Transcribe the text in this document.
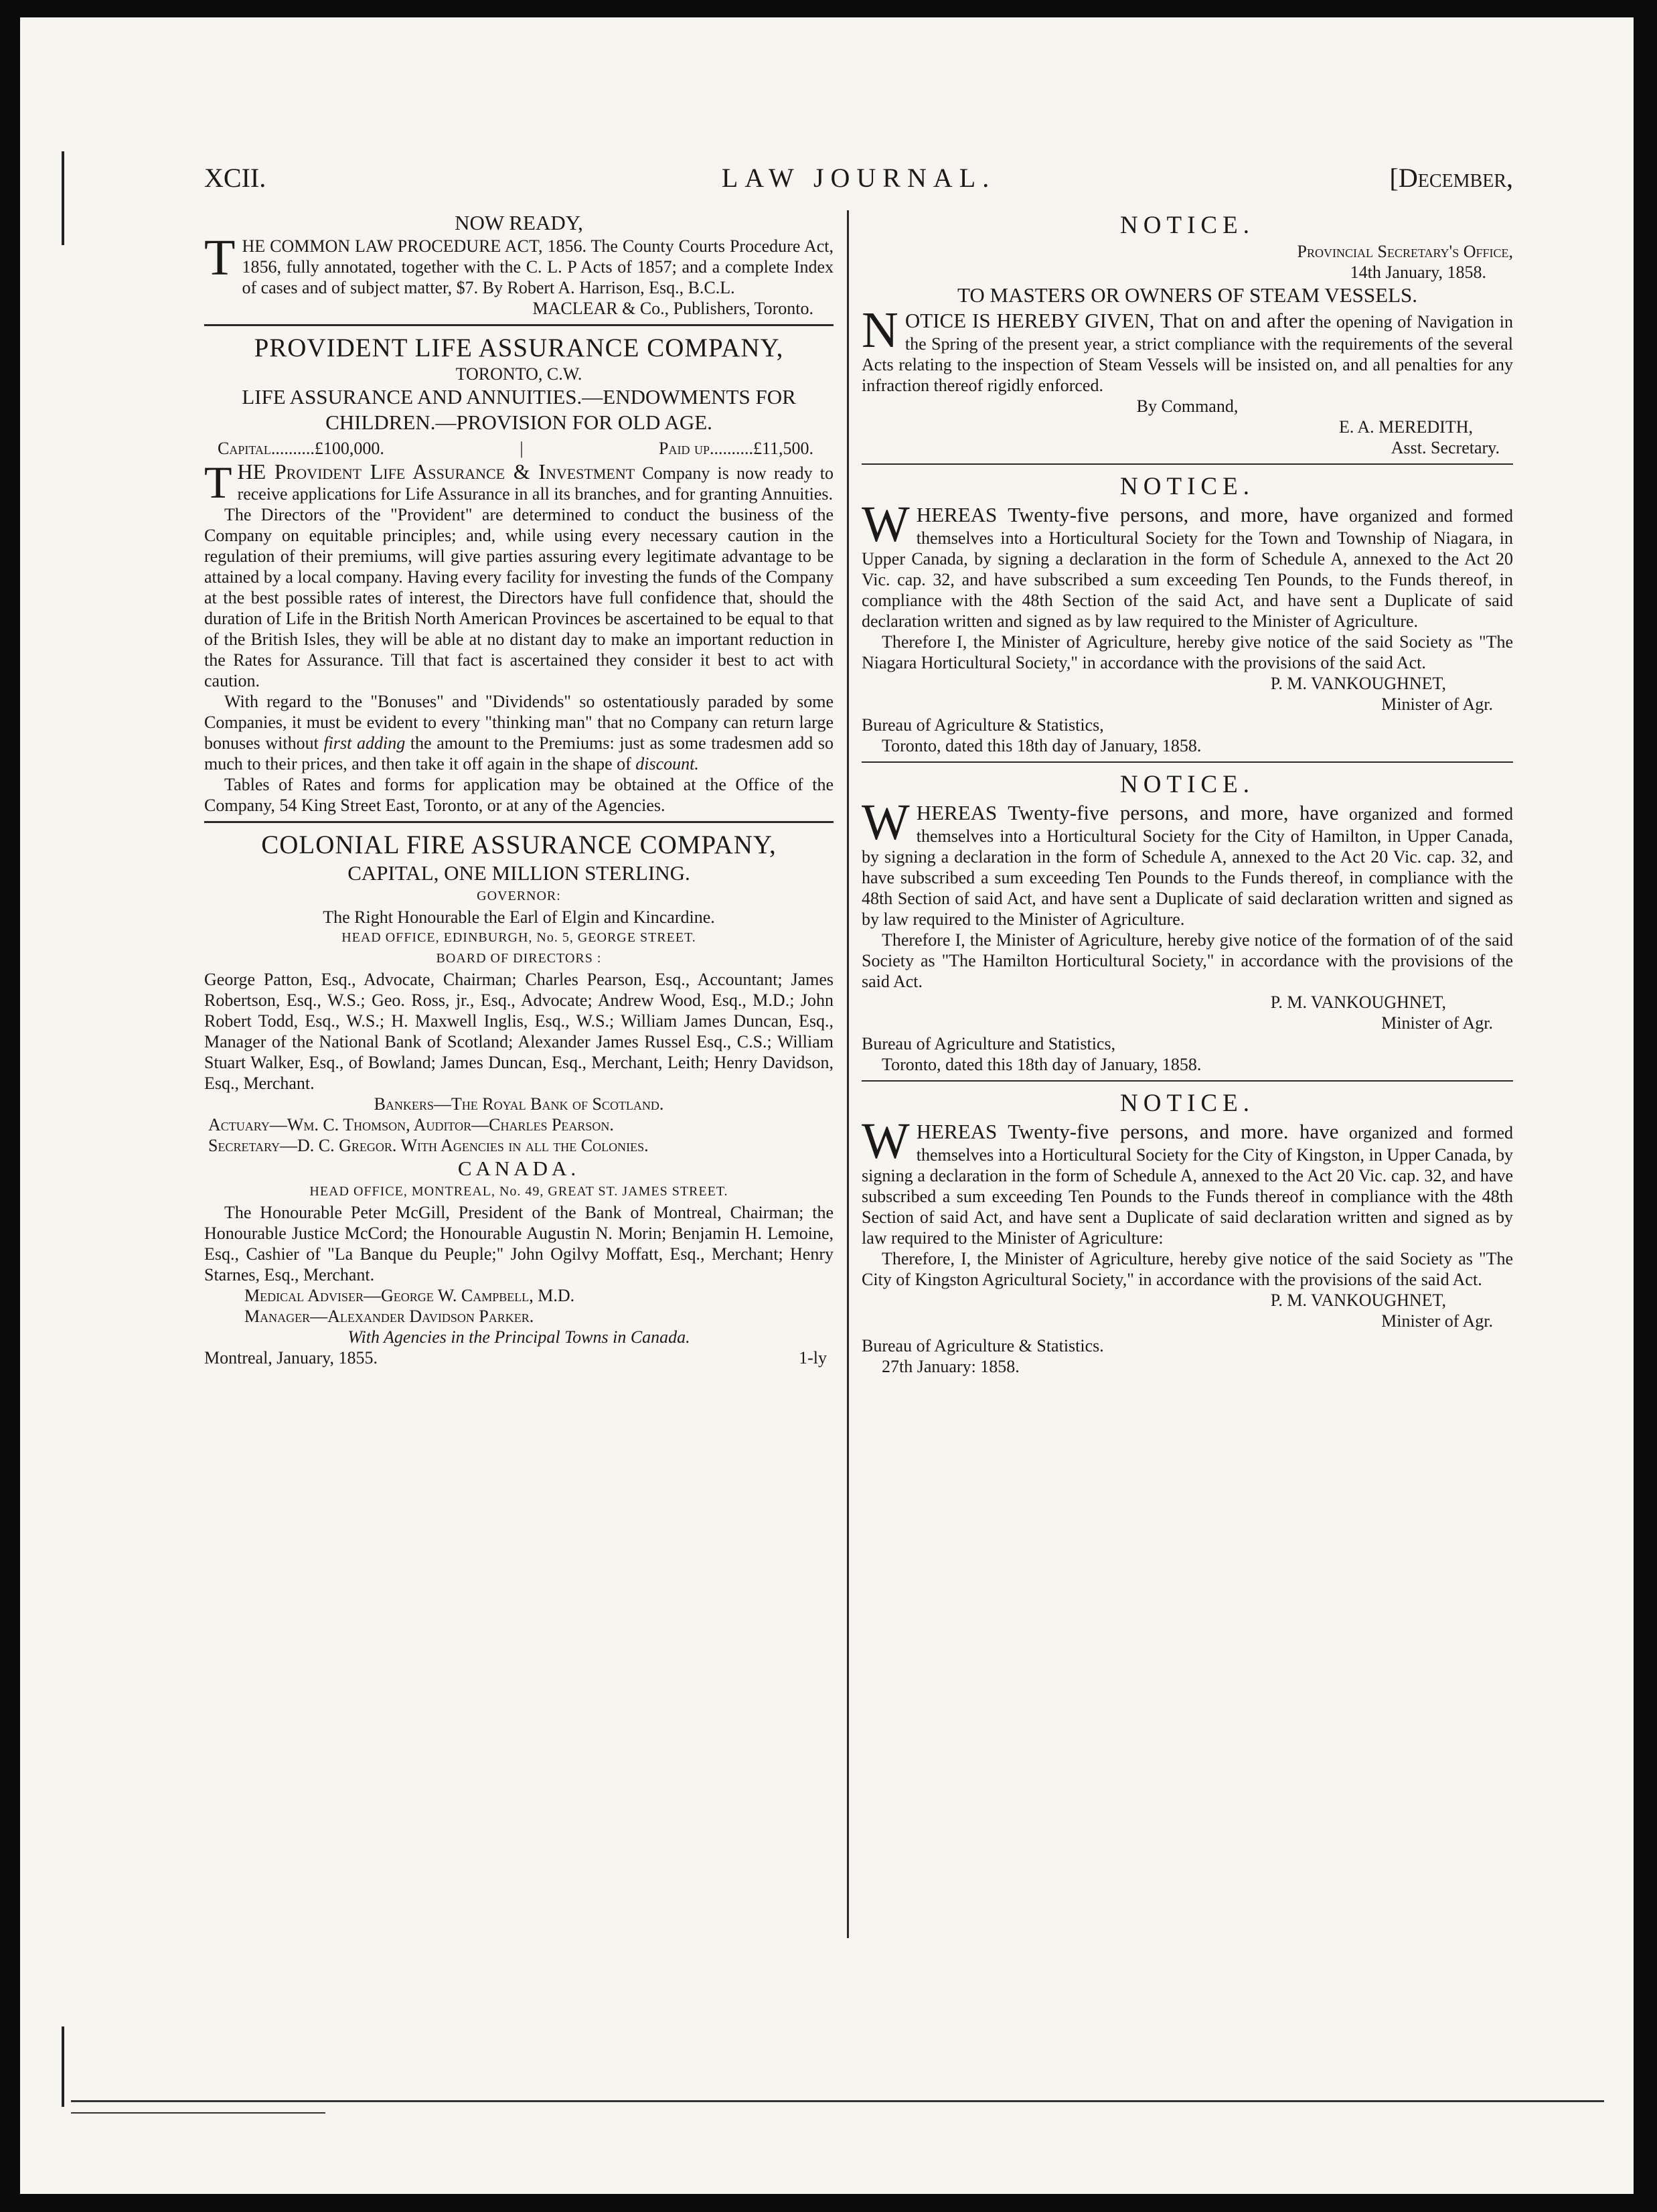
XCII.	LAW JOURNAL.	[December,

NOW READY,

THE COMMON LAW PROCEDURE ACT, 1856. The County Courts Procedure Act, 1856, fully annotated, together with the C. L. P Acts of 1857; and a complete Index of cases and of subject matter, $7. By Robert A. Harrison, Esq., B.C.L.

MACLEAR & Co., Publishers, Toronto.

PROVIDENT LIFE ASSURANCE COMPANY,

TORONTO, C.W.

LIFE ASSURANCE AND ANNUITIES.—ENDOWMENTS FOR CHILDREN.—PROVISION FOR OLD AGE.

Capital..........£100,000.	|	Paid up..........£11,500.

THE Provident Life Assurance & Investment Company is now ready to receive applications for Life Assurance in all its branches, and for granting Annuities.

The Directors of the "Provident" are determined to conduct the business of the Company on equitable principles; and, while using every necessary caution in the regulation of their premiums, will give parties assuring every legitimate advantage to be attained by a local company. Having every facility for investing the funds of the Company at the best possible rates of interest, the Directors have full confidence that, should the duration of Life in the British North American Provinces be ascertained to be equal to that of the British Isles, they will be able at no distant day to make an important reduction in the Rates for Assurance. Till that fact is ascertained they consider it best to act with caution.

With regard to the "Bonuses" and "Dividends" so ostentatiously paraded by some Companies, it must be evident to every "thinking man" that no Company can return large bonuses without first adding the amount to the Premiums: just as some tradesmen add so much to their prices, and then take it off again in the shape of discount.

Tables of Rates and forms for application may be obtained at the Office of the Company, 54 King Street East, Toronto, or at any of the Agencies.

COLONIAL FIRE ASSURANCE COMPANY,

CAPITAL, ONE MILLION STERLING.

GOVERNOR:

The Right Honourable the Earl of Elgin and Kincardine.

HEAD OFFICE, EDINBURGH, No. 5, GEORGE STREET.

BOARD OF DIRECTORS :

George Patton, Esq., Advocate, Chairman; Charles Pearson, Esq., Accountant; James Robertson, Esq., W.S.; Geo. Ross, jr., Esq., Advocate; Andrew Wood, Esq., M.D.; John Robert Todd, Esq., W.S.; H. Maxwell Inglis, Esq., W.S.; William James Duncan, Esq., Manager of the National Bank of Scotland; Alexander James Russel Esq., C.S.; William Stuart Walker, Esq., of Bowland; James Duncan, Esq., Merchant, Leith; Henry Davidson, Esq., Merchant.

Bankers—The Royal Bank of Scotland.

Actuary—Wm. C. Thomson, Auditor—Charles Pearson.

Secretary—D. C. Gregor. With Agencies in all the Colonies.

CANADA.

HEAD OFFICE, MONTREAL, No. 49, GREAT ST. JAMES STREET.

The Honourable Peter McGill, President of the Bank of Montreal, Chairman; the Honourable Justice McCord; the Honourable Augustin N. Morin; Benjamin H. Lemoine, Esq., Cashier of "La Banque du Peuple;" John Ogilvy Moffatt, Esq., Merchant; Henry Starnes, Esq., Merchant.

Medical Adviser—George W. Campbell, M.D.

Manager—Alexander Davidson Parker.

With Agencies in the Principal Towns in Canada.

Montreal, January, 1855.	1-ly

NOTICE.

Provincial Secretary's Office,

14th January, 1858.

TO MASTERS OR OWNERS OF STEAM VESSELS.

NOTICE IS HEREBY GIVEN, That on and after the opening of Navigation in the Spring of the present year, a strict compliance with the requirements of the several Acts relating to the inspection of Steam Vessels will be insisted on, and all penalties for any infraction thereof rigidly enforced.

By Command,

E. A. MEREDITH,

Asst. Secretary.

NOTICE.

WHEREAS Twenty-five persons, and more, have organized and formed themselves into a Horticultural Society for the Town and Township of Niagara, in Upper Canada, by signing a declaration in the form of Schedule A, annexed to the Act 20 Vic. cap. 32, and have subscribed a sum exceeding Ten Pounds, to the Funds thereof, in compliance with the 48th Section of the said Act, and have sent a Duplicate of said declaration written and signed as by law required to the Minister of Agriculture.

Therefore I, the Minister of Agriculture, hereby give notice of the said Society as "The Niagara Horticultural Society," in accordance with the provisions of the said Act.

P. M. VANKOUGHNET,

Minister of Agr.

Bureau of Agriculture & Statistics,

Toronto, dated this 18th day of January, 1858.

NOTICE.

WHEREAS Twenty-five persons, and more, have organized and formed themselves into a Horticultural Society for the City of Hamilton, in Upper Canada, by signing a declaration in the form of Schedule A, annexed to the Act 20 Vic. cap. 32, and have subscribed a sum exceeding Ten Pounds to the Funds thereof, in compliance with the 48th Section of said Act, and have sent a Duplicate of said declaration written and signed as by law required to the Minister of Agriculture.

Therefore I, the Minister of Agriculture, hereby give notice of the formation of of the said Society as "The Hamilton Horticultural Society," in accordance with the provisions of the said Act.

P. M. VANKOUGHNET,

Minister of Agr.

Bureau of Agriculture and Statistics,

Toronto, dated this 18th day of January, 1858.

NOTICE.

WHEREAS Twenty-five persons, and more. have organized and formed themselves into a Horticultural Society for the City of Kingston, in Upper Canada, by signing a declaration in the form of Schedule A, annexed to the Act 20 Vic. cap. 32, and have subscribed a sum exceeding Ten Pounds to the Funds thereof in compliance with the 48th Section of said Act, and have sent a Duplicate of said declaration written and signed as by law required to the Minister of Agriculture:

Therefore, I, the Minister of Agriculture, hereby give notice of the said Society as "The City of Kingston Agricultural Society," in accordance with the provisions of the said Act.

P. M. VANKOUGHNET,

Minister of Agr.

Bureau of Agriculture & Statistics.

27th January: 1858.
